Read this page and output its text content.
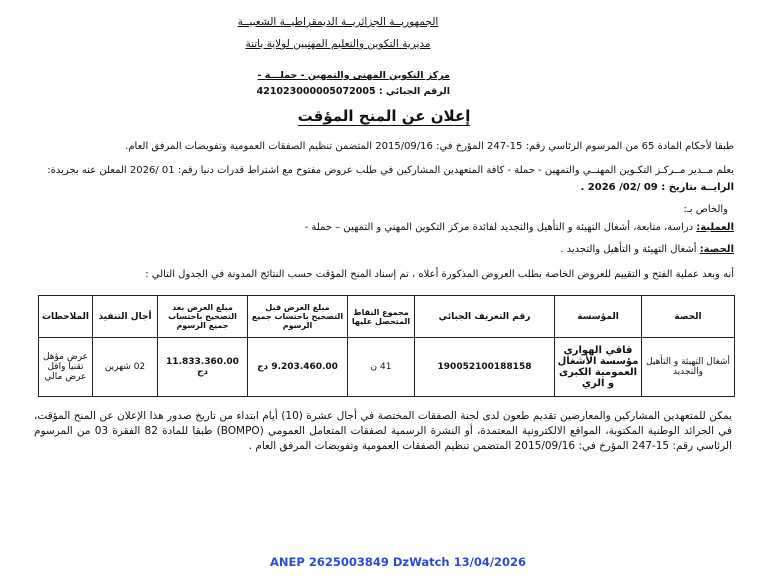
الجمهوريــة الجزائريــة الديمقراطيــة الشعبيــة
مديرية التكوين والتعليم المهنيين لولاية باتنة
مركز التكوين المهني والتمهين - حملـــة -
الرقم الجبائي : 421023000005072005
إعلان عن المنح المؤقت
طبقا لأحكام المادة 65 من المرسوم الرئاسي رقم: 15-247 المؤرخ في: 2015/09/16 المتضمن تنظيم الصفقات العمومية وتفويضات المرفق العام.
يعلم مــدير مــركـز التكـوين المهنــي والتمهين - حملة - كافة المتعهدين المشاركين في طلب عروض مفتوح مع اشتراط قدرات دنيا رقم: 01 /2026 المعلن عنه بجريدة:
الرايــة بتاريخ : 09 /02/ 2026 .
والخاص بـ:
العملية: دراسة، متابعة، أشغال التهيئة و التأهيل والتجديد لفائدة مركز التكوين المهني و التمهين – حملة -
الحصة: أشغال التهيئة و التأهيل والتجديد .
أنه وبعد عملية الفتح و التقييم للعروض الخاصة بطلب العروض المذكورة أعلاه ، تم إسناد المنح المؤقت حسب النتائج المدونة في الجدول التالي :
الحصة	المؤسسة	رقم التعريف الجبائي	مجموع النقاط المتحصل عليها	مبلغ العرض قبل التصحيح باحتساب جميع الرسوم	مبلغ العرض بعد التصحيح باحتساب جميع الرسوم	أجال التنفيذ	الملاحظات
أشغال التهيئة و التأهيل والتجديد	قاقي الهواري مؤسسة الأشغال العمومية الكبرى و الري	190052100188158	41 ن	9.203.460.00 دج	11.833.360.00 دج	02 شهرين	عرض مؤهل تقنيا واقل عرض مالي
يمكن للمتعهدين المشاركين والمعارضين تقديم طعون لدى لجنة الصفقات المختصة في أجال عشرة (10) أيام ابتداء من تاريخ صدور هذا الإعلان عن المنح المؤقت، في الجرائد الوطنية المكتوبة، المواقع الالكترونية المعتمدة، أو النشرة الرسمية لصفقات المتعامل العمومي (BOMPO) طبقا للمادة 82 الفقرة 03 من المرسوم الرئاسي رقم: 15-247 المؤرخ في: 2015/09/16 المتضمن تنظيم الصفقات العمومية وتفويضات المرفق العام .
ANEP 2625003849 DzWatch 13/04/2026
